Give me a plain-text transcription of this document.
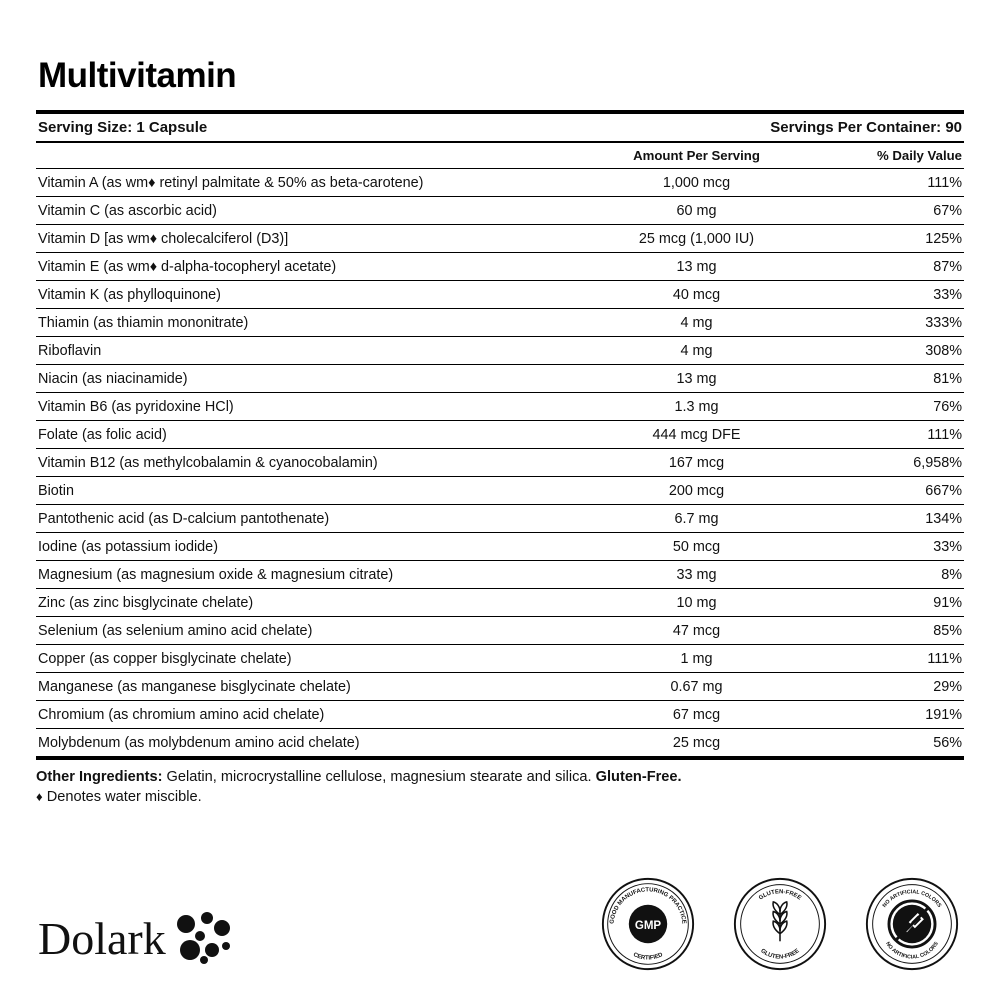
Multivitamin
Serving Size: 1 Capsule	Servings Per Container: 90
	Amount Per Serving	% Daily Value
Vitamin A (as wm♦ retinyl palmitate & 50% as beta-carotene)	1,000 mcg	111%
Vitamin C (as ascorbic acid)	60 mg	67%
Vitamin D [as wm♦ cholecalciferol (D3)]	25 mcg (1,000 IU)	125%
Vitamin E (as wm♦ d-alpha-tocopheryl acetate)	13 mg	87%
Vitamin K (as phylloquinone)	40 mcg	33%
Thiamin (as thiamin mononitrate)	4 mg	333%
Riboflavin	4 mg	308%
Niacin (as niacinamide)	13 mg	81%
Vitamin B6 (as pyridoxine HCl)	1.3 mg	76%
Folate (as folic acid)	444 mcg DFE	111%
Vitamin B12 (as methylcobalamin & cyanocobalamin)	167 mcg	6,958%
Biotin	200 mcg	667%
Pantothenic acid (as D-calcium pantothenate)	6.7 mg	134%
Iodine (as potassium iodide)	50 mcg	33%
Magnesium (as magnesium oxide & magnesium citrate)	33 mg	8%
Zinc (as zinc bisglycinate chelate)	10 mg	91%
Selenium (as selenium amino acid chelate)	47 mcg	85%
Copper (as copper bisglycinate chelate)	1 mg	111%
Manganese (as manganese bisglycinate chelate)	0.67 mg	29%
Chromium (as chromium amino acid chelate)	67 mcg	191%
Molybdenum (as molybdenum amino acid chelate)	25 mcg	56%
Other Ingredients: Gelatin, microcrystalline cellulose, magnesium stearate and silica. Gluten-Free.
♦ Denotes water miscible.
Dolark	GMP
GOOD MANUFACTURING PRACTICE
CERTIFIED
GLUTEN-FREE
GLUTEN-FREE
NO ARTIFICIAL COLORS
NO ARTIFICIAL COLORS
